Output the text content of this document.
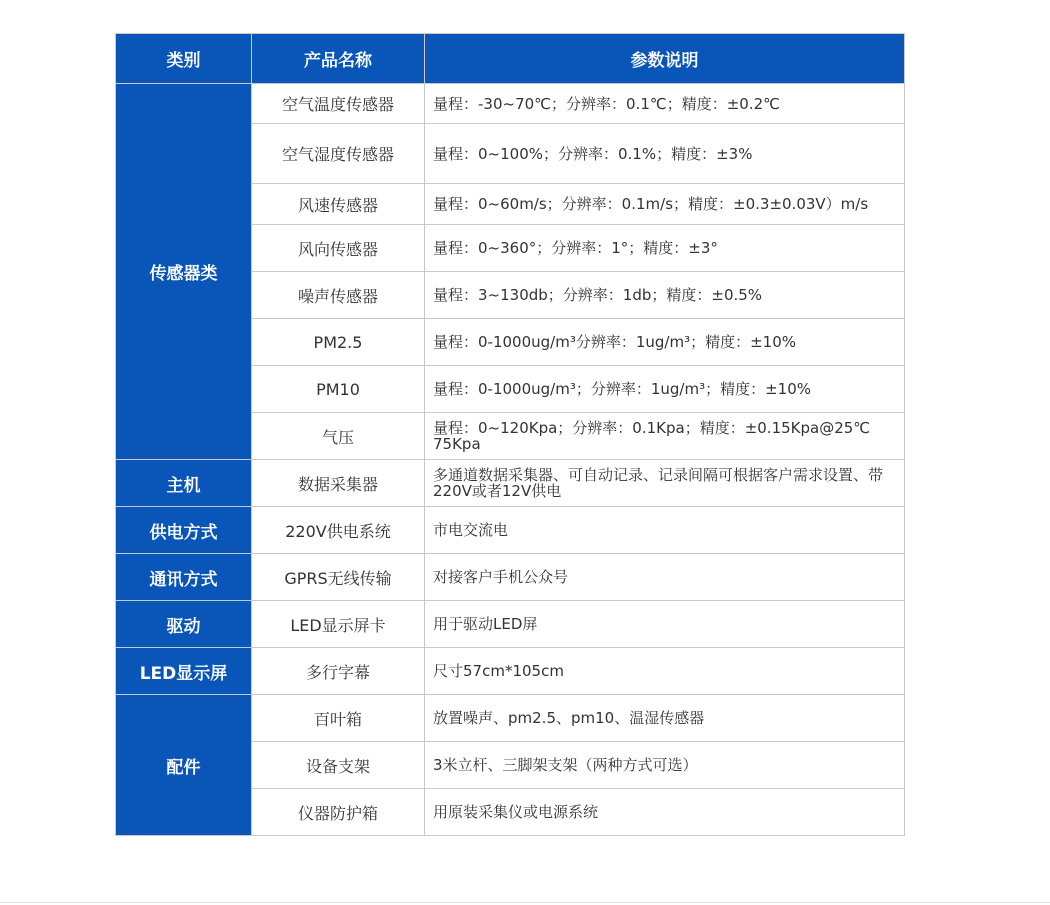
类别	产品名称	参数说明
传感器类	空气温度传感器	量程：-30~70℃；分辨率：0.1℃；精度：±0.2℃
	空气湿度传感器	量程：0~100%；分辨率：0.1%；精度：±3%
	风速传感器	量程：0~60m/s；分辨率：0.1m/s；精度：±0.3±0.03V）m/s
	风向传感器	量程：0~360°；分辨率：1°；精度：±3°
	噪声传感器	量程：3~130db；分辨率：1db；精度：±0.5%
	PM2.5	量程：0-1000ug/m³分辨率：1ug/m³；精度：±10%
	PM10	量程：0-1000ug/m³；分辨率：1ug/m³；精度：±10%
	气压	量程：0~120Kpa；分辨率：0.1Kpa；精度：±0.15Kpa@25℃ 75Kpa
主机	数据采集器	多通道数据采集器、可自动记录、记录间隔可根据客户需求设置、带220V或者12V供电
供电方式	220V供电系统	市电交流电
通讯方式	GPRS无线传输	对接客户手机公众号
驱动	LED显示屏卡	用于驱动LED屏
LED显示屏	多行字幕	尺寸57cm*105cm
配件	百叶箱	放置噪声、pm2.5、pm10、温湿传感器
	设备支架	3米立杆、三脚架支架（两种方式可选）
	仪器防护箱	用原装采集仪或电源系统
